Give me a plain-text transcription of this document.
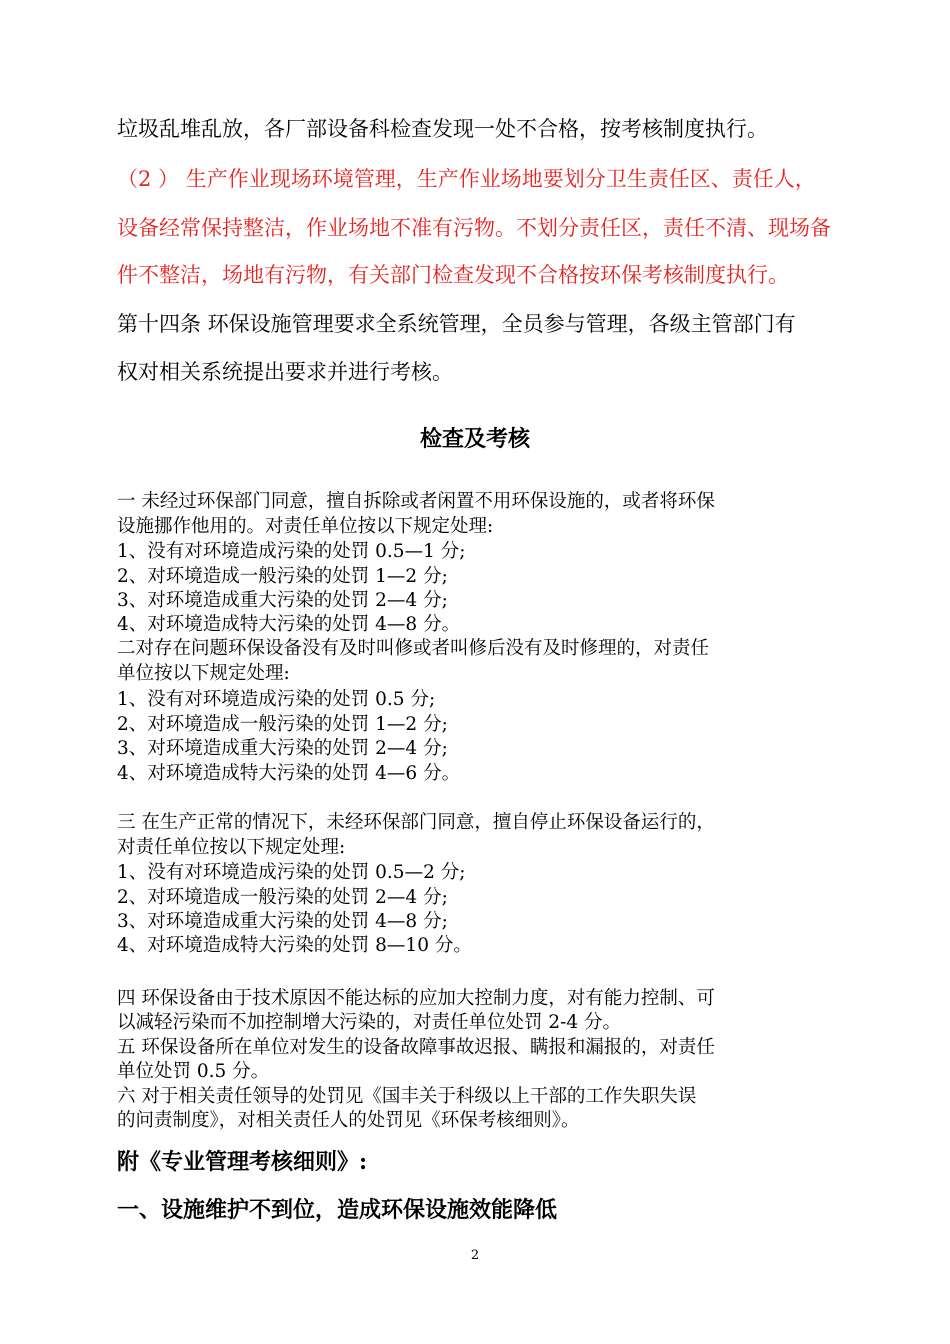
垃圾乱堆乱放，各厂部设备科检查发现一处不合格，按考核制度执行。
（2 ） 生产作业现场环境管理，生产作业场地要划分卫生责任区、责任人，
设备经常保持整洁，作业场地不准有污物。不划分责任区，责任不清、现场备
件不整洁，场地有污物，有关部门检查发现不合格按环保考核制度执行。
第十四条 环保设施管理要求全系统管理，全员参与管理，各级主管部门有
权对相关系统提出要求并进行考核。
检查及考核
一 未经过环保部门同意，擅自拆除或者闲置不用环保设施的，或者将环保
设施挪作他用的。对责任单位按以下规定处理:
1、没有对环境造成污染的处罚 0.5—1 分;
2、对环境造成一般污染的处罚 1—2 分;
3、对环境造成重大污染的处罚 2—4 分;
4、对环境造成特大污染的处罚 4—8 分。
二对存在问题环保设备没有及时叫修或者叫修后没有及时修理的，对责任
单位按以下规定处理:
1、没有对环境造成污染的处罚 0.5 分;
2、对环境造成一般污染的处罚 1—2 分;
3、对环境造成重大污染的处罚 2—4 分;
4、对环境造成特大污染的处罚 4—6 分。
三 在生产正常的情况下，未经环保部门同意，擅自停止环保设备运行的，
对责任单位按以下规定处理:
1、没有对环境造成污染的处罚 0.5—2 分;
2、对环境造成一般污染的处罚 2—4 分;
3、对环境造成重大污染的处罚 4—8 分;
4、对环境造成特大污染的处罚 8—10 分。
四 环保设备由于技术原因不能达标的应加大控制力度，对有能力控制、可
以减轻污染而不加控制增大污染的，对责任单位处罚 2-4 分。
五 环保设备所在单位对发生的设备故障事故迟报、瞒报和漏报的，对责任
单位处罚 0.5 分。
六 对于相关责任领导的处罚见《国丰关于科级以上干部的工作失职失误
的问责制度》，对相关责任人的处罚见《环保考核细则》。
附《专业管理考核细则》:
一、设施维护不到位，造成环保设施效能降低
2
